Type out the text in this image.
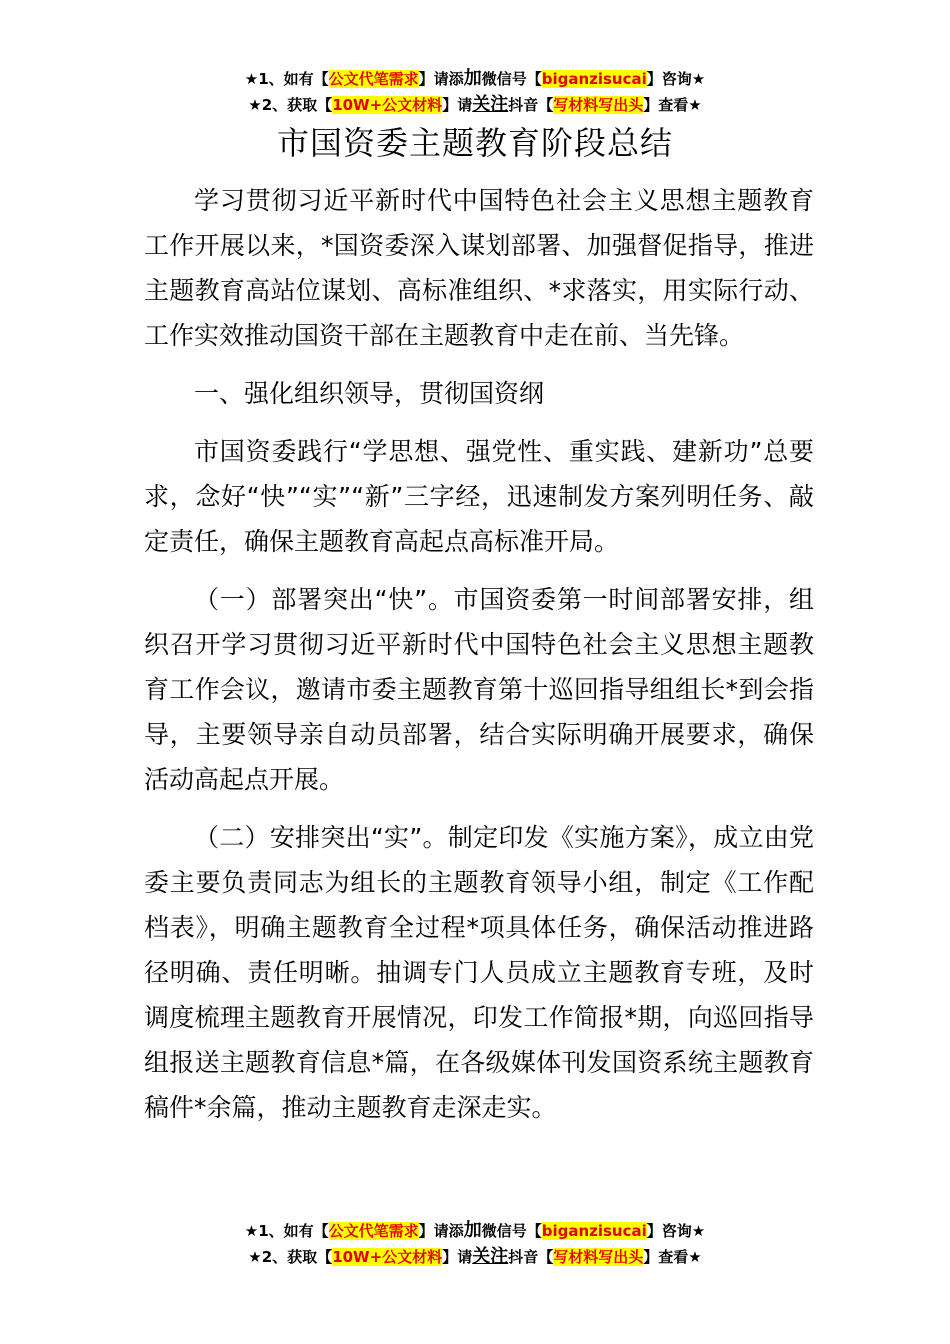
★1、如有【公文代笔需求】请添加微信号【biganzisucai】咨询★
★2、获取【10W+公文材料】请关注抖音【写材料写出头】查看★
市国资委主题教育阶段总结

学习贯彻习近平新时代中国特色社会主义思想主题教育工作开展以来，*国资委深入谋划部署、加强督促指导，推进主题教育高站位谋划、高标准组织、*求落实，用实际行动、工作实效推动国资干部在主题教育中走在前、当先锋。

一、强化组织领导，贯彻国资纲

市国资委践行“学思想、强党性、重实践、建新功”总要求，念好“快”“实”“新”三字经，迅速制发方案列明任务、敲定责任，确保主题教育高起点高标准开局。

（一）部署突出“快”。市国资委第一时间部署安排，组织召开学习贯彻习近平新时代中国特色社会主义思想主题教育工作会议，邀请市委主题教育第十巡回指导组组长*到会指导，主要领导亲自动员部署，结合实际明确开展要求，确保活动高起点开展。

（二）安排突出“实”。制定印发《实施方案》，成立由党委主要负责同志为组长的主题教育领导小组，制定《工作配档表》，明确主题教育全过程*项具体任务，确保活动推进路径明确、责任明晰。抽调专门人员成立主题教育专班，及时调度梳理主题教育开展情况，印发工作简报*期，向巡回指导组报送主题教育信息*篇，在各级媒体刊发国资系统主题教育稿件*余篇，推动主题教育走深走实。

★1、如有【公文代笔需求】请添加微信号【biganzisucai】咨询★
★2、获取【10W+公文材料】请关注抖音【写材料写出头】查看★
